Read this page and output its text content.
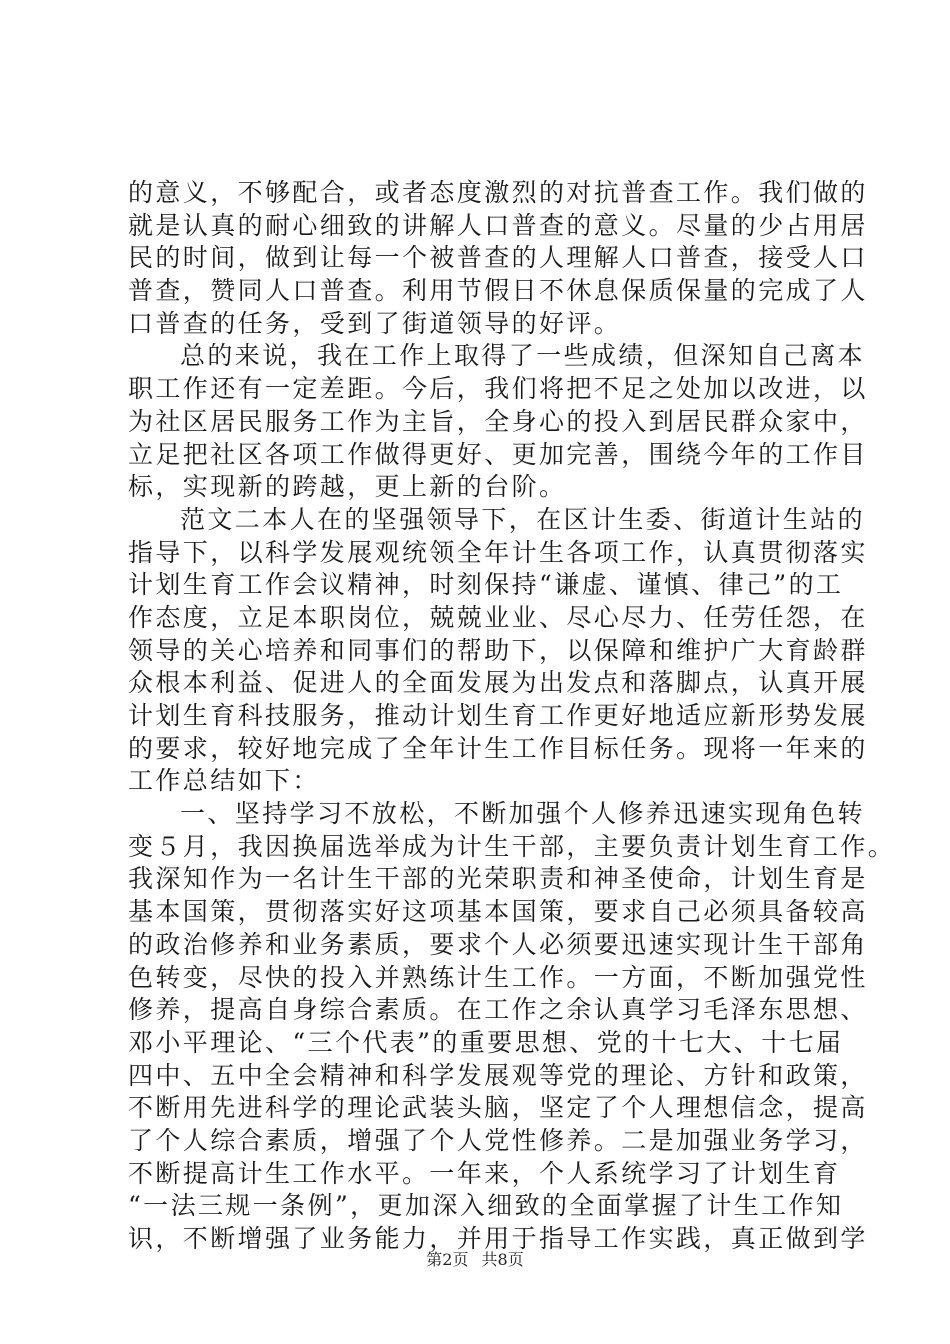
的意义，不够配合，或者态度激烈的对抗普查工作。我们做的
就是认真的耐心细致的讲解人口普查的意义。尽量的少占用居
民的时间，做到让每一个被普查的人理解人口普查，接受人口
普查，赞同人口普查。利用节假日不休息保质保量的完成了人
口普查的任务，受到了街道领导的好评。
总的来说，我在工作上取得了一些成绩，但深知自己离本
职工作还有一定差距。今后，我们将把不足之处加以改进，以
为社区居民服务工作为主旨，全身心的投入到居民群众家中，
立足把社区各项工作做得更好、更加完善，围绕今年的工作目
标，实现新的跨越，更上新的台阶。
范文二本人在的坚强领导下，在区计生委、街道计生站的
指导下，以科学发展观统领全年计生各项工作，认真贯彻落实
计划生育工作会议精神，时刻保持“谦虚、谨慎、律己”的工
作态度，立足本职岗位，兢兢业业、尽心尽力、任劳任怨，在
领导的关心培养和同事们的帮助下，以保障和维护广大育龄群
众根本利益、促进人的全面发展为出发点和落脚点，认真开展
计划生育科技服务，推动计划生育工作更好地适应新形势发展
的要求，较好地完成了全年计生工作目标任务。现将一年来的
工作总结如下：
一、坚持学习不放松，不断加强个人修养迅速实现角色转
变５月，我因换届选举成为计生干部，主要负责计划生育工作。
我深知作为一名计生干部的光荣职责和神圣使命，计划生育是
基本国策，贯彻落实好这项基本国策，要求自己必须具备较高
的政治修养和业务素质，要求个人必须要迅速实现计生干部角
色转变，尽快的投入并熟练计生工作。一方面，不断加强党性
修养，提高自身综合素质。在工作之余认真学习毛泽东思想、
邓小平理论、“三个代表”的重要思想、党的十七大、十七届
四中、五中全会精神和科学发展观等党的理论、方针和政策，
不断用先进科学的理论武装头脑，坚定了个人理想信念，提高
了个人综合素质，增强了个人党性修养。二是加强业务学习，
不断提高计生工作水平。一年来，个人系统学习了计划生育
“一法三规一条例”，更加深入细致的全面掌握了计生工作知
识，不断增强了业务能力，并用于指导工作实践，真正做到学
第2页 共8页
